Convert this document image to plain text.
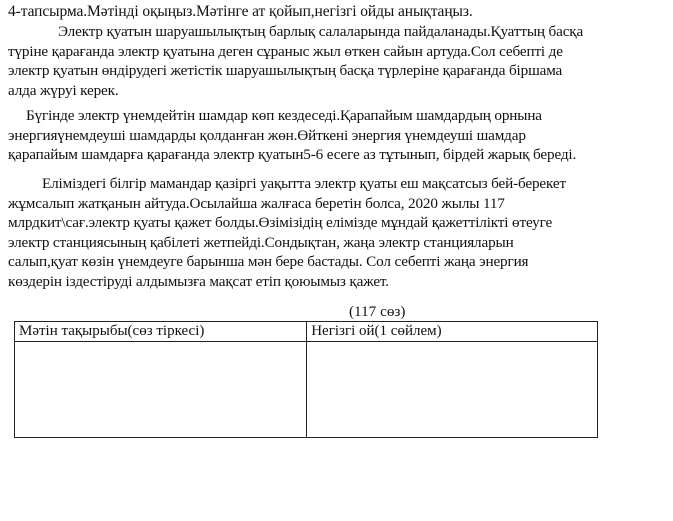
4-тапсырма.Мәтінді оқыңыз.Мәтінге ат қойып,негізгі ойды анықтаңыз.
Электр қуатын шаруашылықтың барлық салаларында пайдаланады.Қуаттың басқа
түріне қарағанда электр қуатына деген сұраныс жыл өткен сайын артуда.Сол себепті де
электр қуатын өндірудегі жетістік шаруашылықтың басқа түрлеріне қарағанда біршама
алда жүруі керек.
Бүгінде электр үнемдейтін шамдар көп кездеседі.Қарапайым шамдардың орнына
энергияүнемдеуші шамдарды қолданған жөн.Өйткені энергия үнемдеуші шамдар
қарапайым шамдарға қарағанда электр қуатын5-6 есеге аз тұтынып, бірдей жарық береді.
Еліміздегі білгір мамандар қазіргі уақытта электр қуаты еш мақсатсыз бей-берекет
жұмсалып жатқанын айтуда.Осылайша жалғаса беретін болса, 2020 жылы 117
млрдкит\сағ.электр қуаты қажет болды.Өзімізідің елімізде мұндай қажеттілікті өтеуге
электр станциясының қабілеті жетпейді.Сондықтан, жаңа электр станцияларын
салып,қуат көзін үнемдеуге барынша мән бере бастады. Сол себепті жаңа энергия
көздерін іздестіруді алдымызға мақсат етіп қоюымыз қажет.
(117 сөз)
Мәтін тақырыбы(сөз тіркесі)	Негізгі ой(1 сөйлем)
